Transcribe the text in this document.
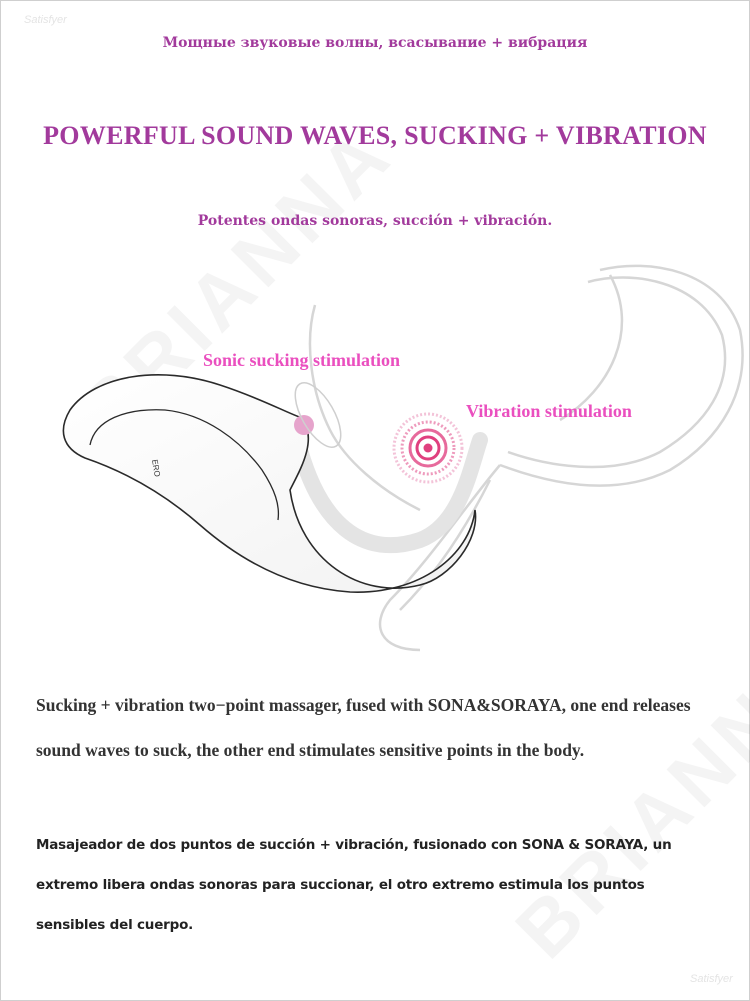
Satisfyer
Satisfyer
Мощные звуковые волны, всасывание + вибрация
POWERFUL SOUND WAVES, SUCKING + VIBRATION
Potentes ondas sonoras, succión + vibración.
ERO
Sonic sucking stimulation
Vibration stimulation

Sucking + vibration two−point massager, fused with SONA&SORAYA, one end releases sound waves to suck, the other end stimulates sensitive points in the body.

Masajeador de dos puntos de succión + vibración, fusionado con SONA & SORAYA, un extremo libera ondas sonoras para succionar, el otro extremo estimula los puntos sensibles del cuerpo.
